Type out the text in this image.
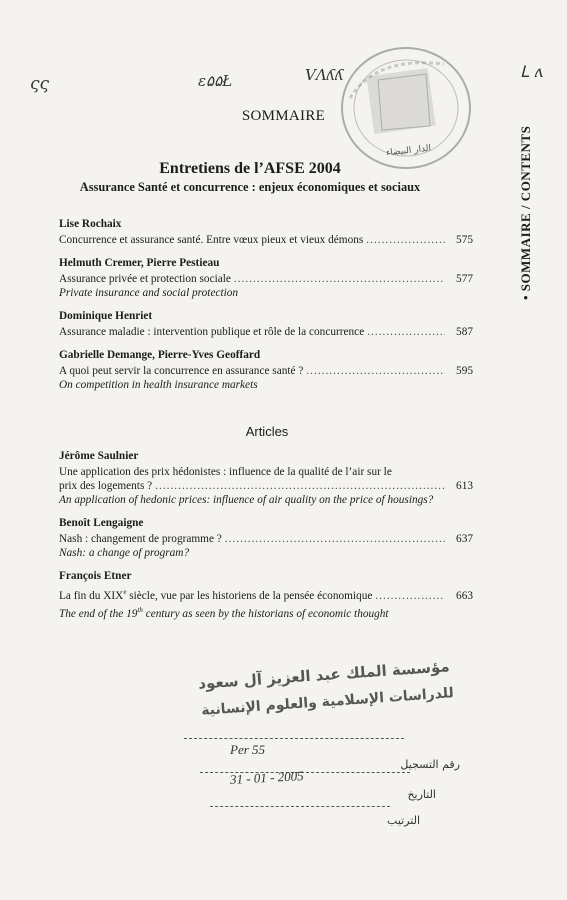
ςς	ɛ۵۵Ł	VΛʎʎ	ᒪ ʌ
الدار البيضاء
SOMMAIRE
Entretiens de l’AFSE 2004
Assurance Santé et concurrence : enjeux économiques et sociaux	• SOMMAIRE / CONTENTS
Lise Rochaix
Concurrence et assurance santé. Entre vœux pieux et vieux démons .....	575
Helmuth Cremer, Pierre Pestieau
Assurance privée et protection sociale .....	577
Private insurance and social protection
Dominique Henriet
Assurance maladie : intervention publique et rôle de la concurrence .....	587
Gabrielle Demange, Pierre-Yves Geoffard
A quoi peut servir la concurrence en assurance santé ? .....	595
On competition in health insurance markets
Articles
Jérôme Saulnier
Une application des prix hédonistes : influence de la qualité de l’air sur le
prix des logements ? .....	613
An application of hedonic prices: influence of air quality on the price of housings?
Benoît Lengaigne
Nash : changement de programme ? .....	637
Nash: a change of program?
François Etner
La fin du XIXe siècle, vue par les historiens de la pensée économique .....	663
The end of the 19th century as seen by the historians of economic thought
مؤسسة الملك عبد العزيز آل سعود
للدراسات الإسلامية والعلوم الإنسانية
Per 55
رقم التسجيل
31 - 01 - 2005
التاريخ
الترتيب
